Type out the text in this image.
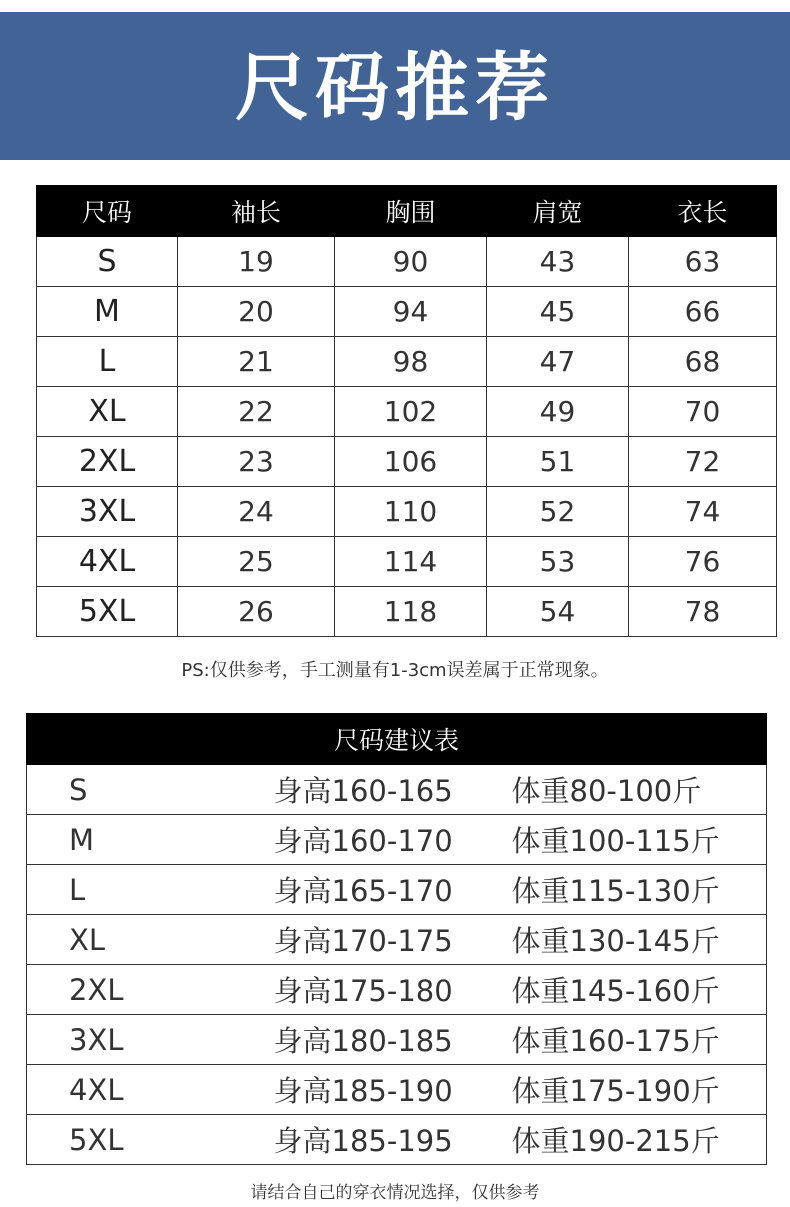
尺码推荐
尺码	袖长	胸围	肩宽	衣长
S	19	90	43	63
M	20	94	45	66
L	21	98	47	68
XL	22	102	49	70
2XL	23	106	51	72
3XL	24	110	52	74
4XL	25	114	53	76
5XL	26	118	54	78
PS:仅供参考，手工测量有1-3cm误差属于正常现象。
尺码建议表		
S	身高160-165	体重80-100斤
M	身高160-170	体重100-115斤
L	身高165-170	体重115-130斤
XL	身高170-175	体重130-145斤
2XL	身高175-180	体重145-160斤
3XL	身高180-185	体重160-175斤
4XL	身高185-190	体重175-190斤
5XL	身高185-195	体重190-215斤
请结合自己的穿衣情况选择，仅供参考
